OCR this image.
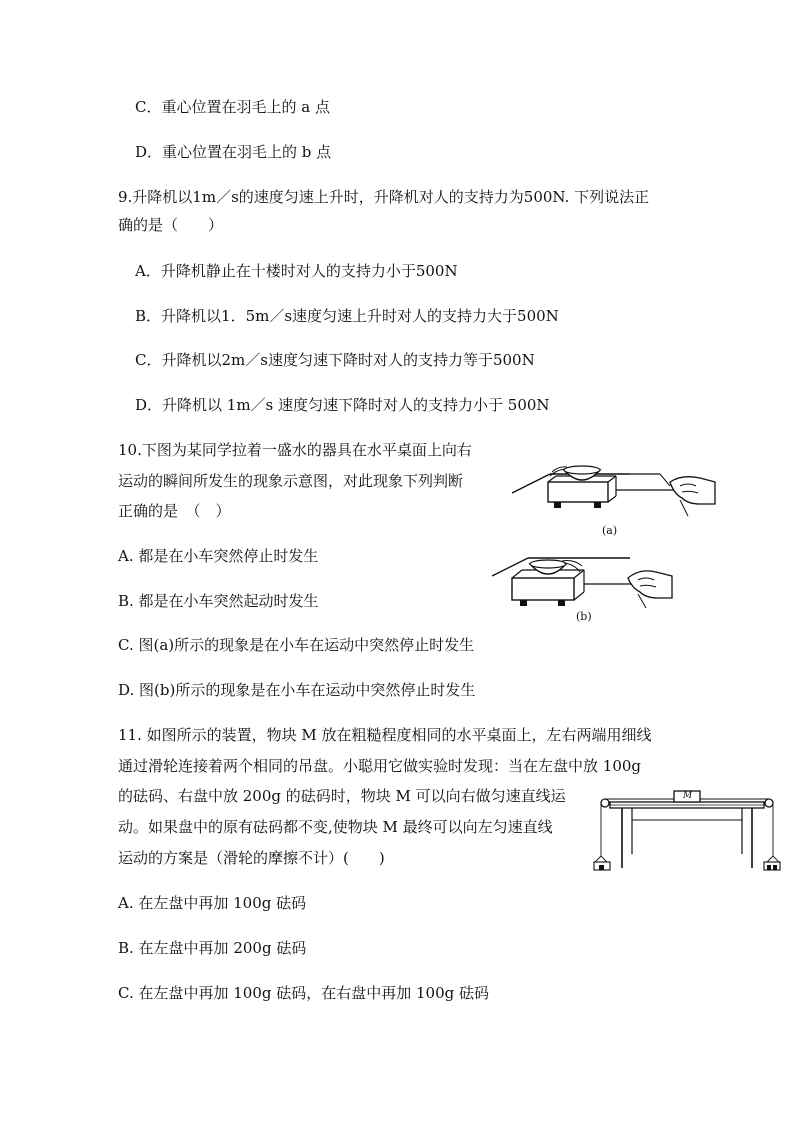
C．重心位置在羽毛上的 a 点
D．重心位置在羽毛上的 b 点
9.升降机以1m／s的速度匀速上升时，升降机对人的支持力为500N. 下列说法正
确的是（　　）
A．升降机静止在十楼时对人的支持力小于500N
B．升降机以1．5m／s速度匀速上升时对人的支持力大于500N
C．升降机以2m／s速度匀速下降时对人的支持力等于500N
D．升降机以 1m／s 速度匀速下降时对人的支持力小于 500N
10.下图为某同学拉着一盛水的器具在水平桌面上向右
运动的瞬间所发生的现象示意图，对此现象下列判断
正确的是　（　）
A. 都是在小车突然停止时发生
B. 都是在小车突然起动时发生
C. 图(a)所示的现象是在小车在运动中突然停止时发生
D. 图(b)所示的现象是在小车在运动中突然停止时发生
(a)
(b)
11. 如图所示的装置，物块 M 放在粗糙程度相同的水平桌面上，左右两端用细线
通过滑轮连接着两个相同的吊盘。小聪用它做实验时发现：当在左盘中放 100g
的砝码、右盘中放 200g 的砝码时，物块 M 可以向右做匀速直线运
动。如果盘中的原有砝码都不变,使物块 M 最终可以向左匀速直线
运动的方案是（滑轮的摩擦不计）(　　)
M
A. 在左盘中再加 100g 砝码
B. 在左盘中再加 200g 砝码
C. 在左盘中再加 100g 砝码，在右盘中再加 100g 砝码
